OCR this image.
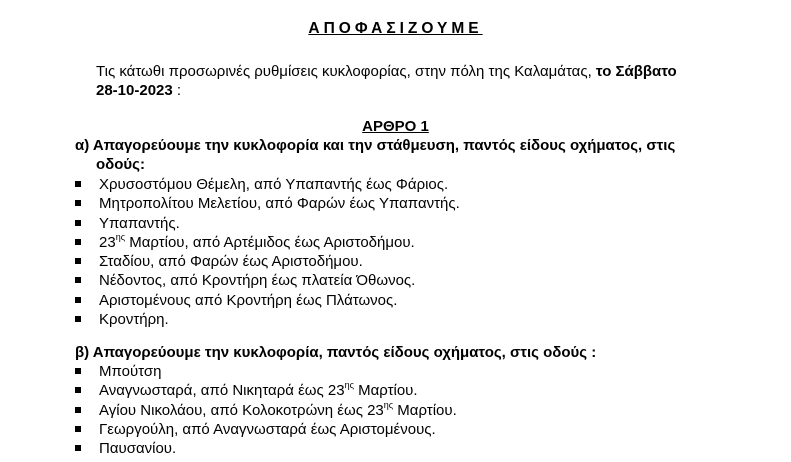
ΑΠΟΦΑΣΙΖΟΥΜΕ
Τις κάτωθι προσωρινές ρυθμίσεις κυκλοφορίας, στην πόλη της Καλαμάτας, το Σάββατο
28-10-2023 :
ΑΡΘΡΟ 1
α) Απαγορεύουμε την κυκλοφορία και την στάθμευση, παντός είδους οχήματος, στις
οδούς:
Χρυσοστόμου Θέμελη, από Υπαπαντής έως Φάριος.
Μητροπολίτου Μελετίου, από Φαρών έως Υπαπαντής.
Υπαπαντής.
$23^{\eta\varsigma}$ Μαρτίου, από Αρτέμιδος έως Αριστοδήμου.
Σταδίου, από Φαρών έως Αριστοδήμου.
Νέδοντος, από Κροντήρη έως πλατεία Όθωνος.
Αριστομένους από Κροντήρη έως Πλάτωνος.
Κροντήρη.
β) Απαγορεύουμε την κυκλοφορία, παντός είδους οχήματος, στις οδούς :
Μπούτση
Αναγνωσταρά, από Νικηταρά έως $23^{\eta\varsigma}$ Μαρτίου.
Αγίου Νικολάου, από Κολοκοτρώνη έως $23^{\eta\varsigma}$ Μαρτίου.
Γεωργούλη, από Αναγνωσταρά έως Αριστομένους.
Παυσανίου.
